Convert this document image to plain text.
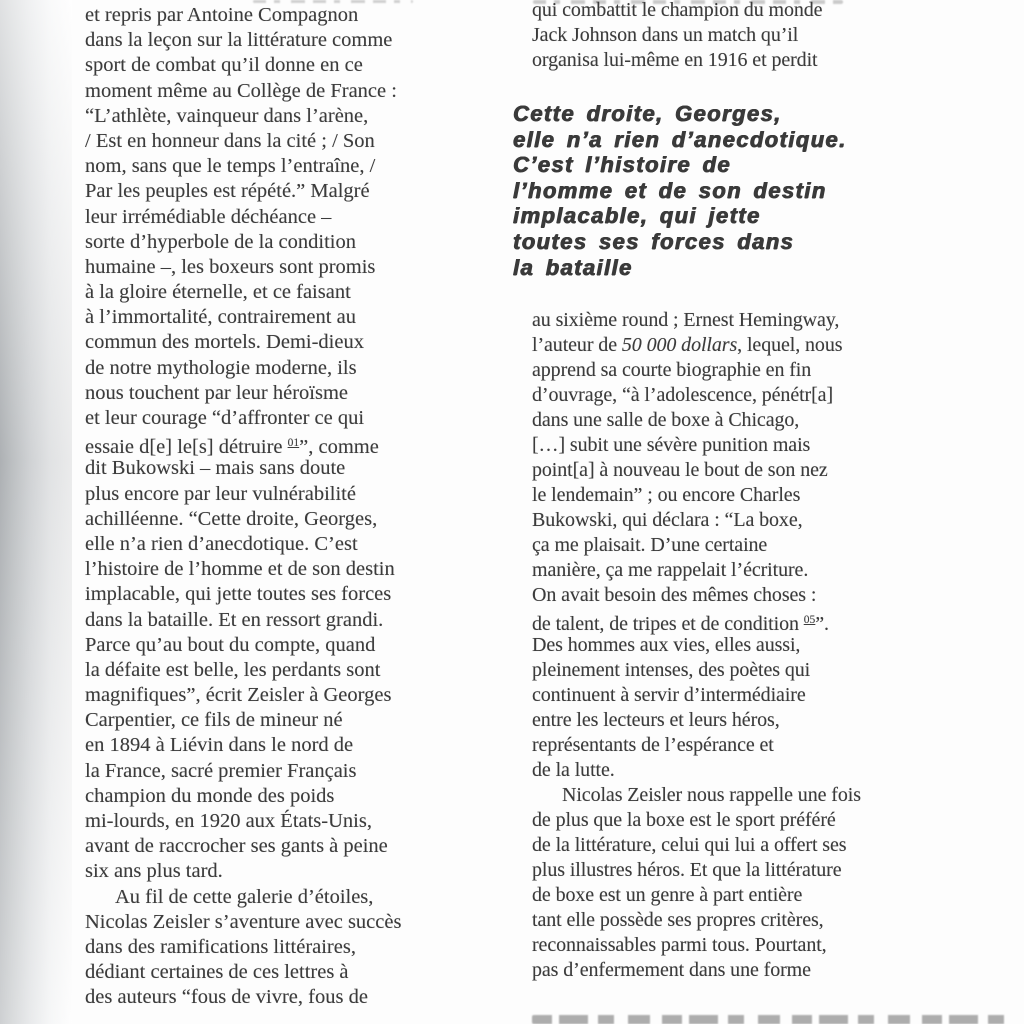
et repris par Antoine Compagnon
dans la leçon sur la littérature comme
sport de combat qu’il donne en ce
moment même au Collège de France :
“L’athlète, vainqueur dans l’arène,
/ Est en honneur dans la cité ; / Son
nom, sans que le temps l’entraîne, /
Par les peuples est répété.” Malgré
leur irrémédiable déchéance –
sorte d’hyperbole de la condition
humaine –, les boxeurs sont promis
à la gloire éternelle, et ce faisant
à l’immortalité, contrairement au
commun des mortels. Demi-dieux
de notre mythologie moderne, ils
nous touchent par leur héroïsme
et leur courage “d’affronter ce qui
essaie d[e] le[s] détruire $^{01}$”, comme
dit Bukowski – mais sans doute
plus encore par leur vulnérabilité
achilléenne. “Cette droite, Georges,
elle n’a rien d’anecdotique. C’est
l’histoire de l’homme et de son destin
implacable, qui jette toutes ses forces
dans la bataille. Et en ressort grandi.
Parce qu’au bout du compte, quand
la défaite est belle, les perdants sont
magnifiques”, écrit Zeisler à Georges
Carpentier, ce fils de mineur né
en 1894 à Liévin dans le nord de
la France, sacré premier Français
champion du monde des poids
mi-lourds, en 1920 aux États-Unis,
avant de raccrocher ses gants à peine
six ans plus tard.
Au fil de cette galerie d’étoiles,
Nicolas Zeisler s’aventure avec succès
dans des ramifications littéraires,
dédiant certaines de ces lettres à
des auteurs “fous de vivre, fous de
qui combattit le champion du monde
Jack Johnson dans un match qu’il
organisa lui-même en 1916 et perdit
Cette droite, Georges,
elle n’a rien d’anecdotique.
C’est l’histoire de
l’homme et de son destin
implacable, qui jette
toutes ses forces dans
la bataille
au sixième round ; Ernest Hemingway,
l’auteur de 50 000 dollars, lequel, nous
apprend sa courte biographie en fin
d’ouvrage, “à l’adolescence, pénétr[a]
dans une salle de boxe à Chicago,
[…] subit une sévère punition mais
point[a] à nouveau le bout de son nez
le lendemain” ; ou encore Charles
Bukowski, qui déclara : “La boxe,
ça me plaisait. D’une certaine
manière, ça me rappelait l’écriture.
On avait besoin des mêmes choses :
de talent, de tripes et de condition $^{05}$”.
Des hommes aux vies, elles aussi,
pleinement intenses, des poètes qui
continuent à servir d’intermédiaire
entre les lecteurs et leurs héros,
représentants de l’espérance et
de la lutte.
Nicolas Zeisler nous rappelle une fois
de plus que la boxe est le sport préféré
de la littérature, celui qui lui a offert ses
plus illustres héros. Et que la littérature
de boxe est un genre à part entière
tant elle possède ses propres critères,
reconnaissables parmi tous. Pourtant,
pas d’enfermement dans une forme
